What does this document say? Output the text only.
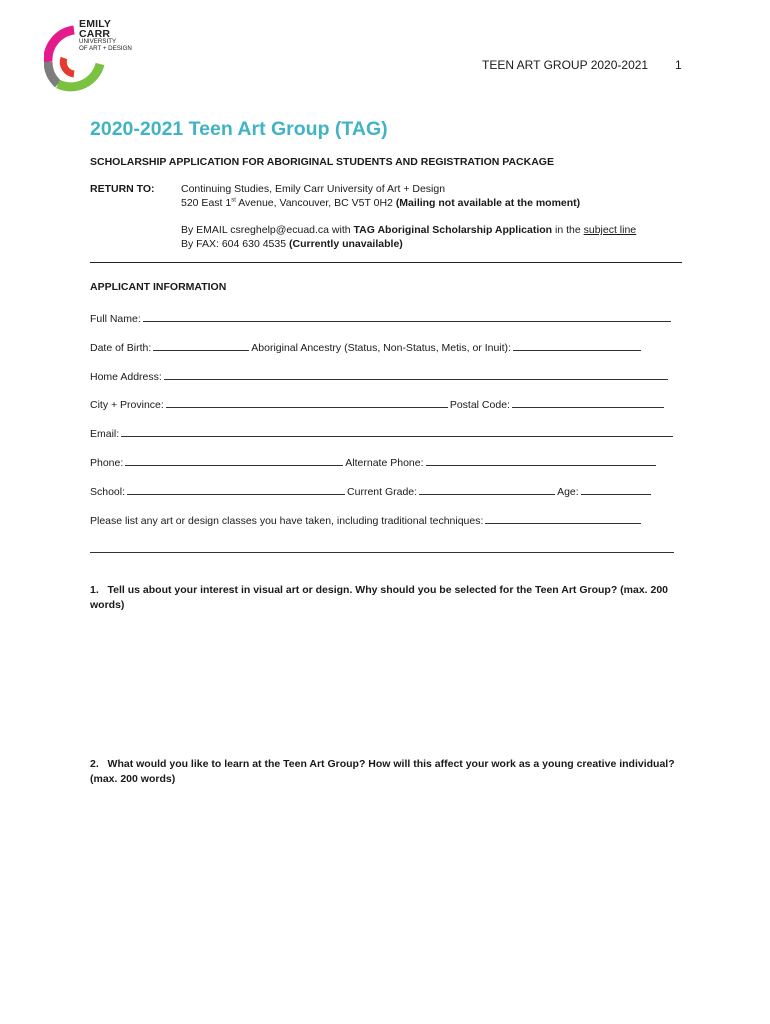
EMILY
CARR
UNIVERSITY
OF ART + DESIGN
TEEN ART GROUP 2020-2021 1
2020-2021 Teen Art Group (TAG)
SCHOLARSHIP APPLICATION FOR ABORIGINAL STUDENTS AND REGISTRATION PACKAGE
RETURN TO:	Continuing Studies, Emily Carr University of Art + Design
520 East 1st Avenue, Vancouver, BC V5T 0H2 (Mailing not available at the moment)
By EMAIL csreghelp@ecuad.ca with TAG Aboriginal Scholarship Application in the subject line
By FAX: 604 630 4535 (Currently unavailable)
APPLICANT INFORMATION
Full Name:
Date of Birth:	Aboriginal Ancestry (Status, Non-Status, Metis, or Inuit):
Home Address:
City + Province:	Postal Code:
Email:
Phone:	Alternate Phone:
School:	Current Grade:	Age:
Please list any art or design classes you have taken, including traditional techniques:
1. Tell us about your interest in visual art or design. Why should you be selected for the Teen Art Group? (max. 200 words)
2. What would you like to learn at the Teen Art Group? How will this affect your work as a young creative individual? (max. 200 words)
